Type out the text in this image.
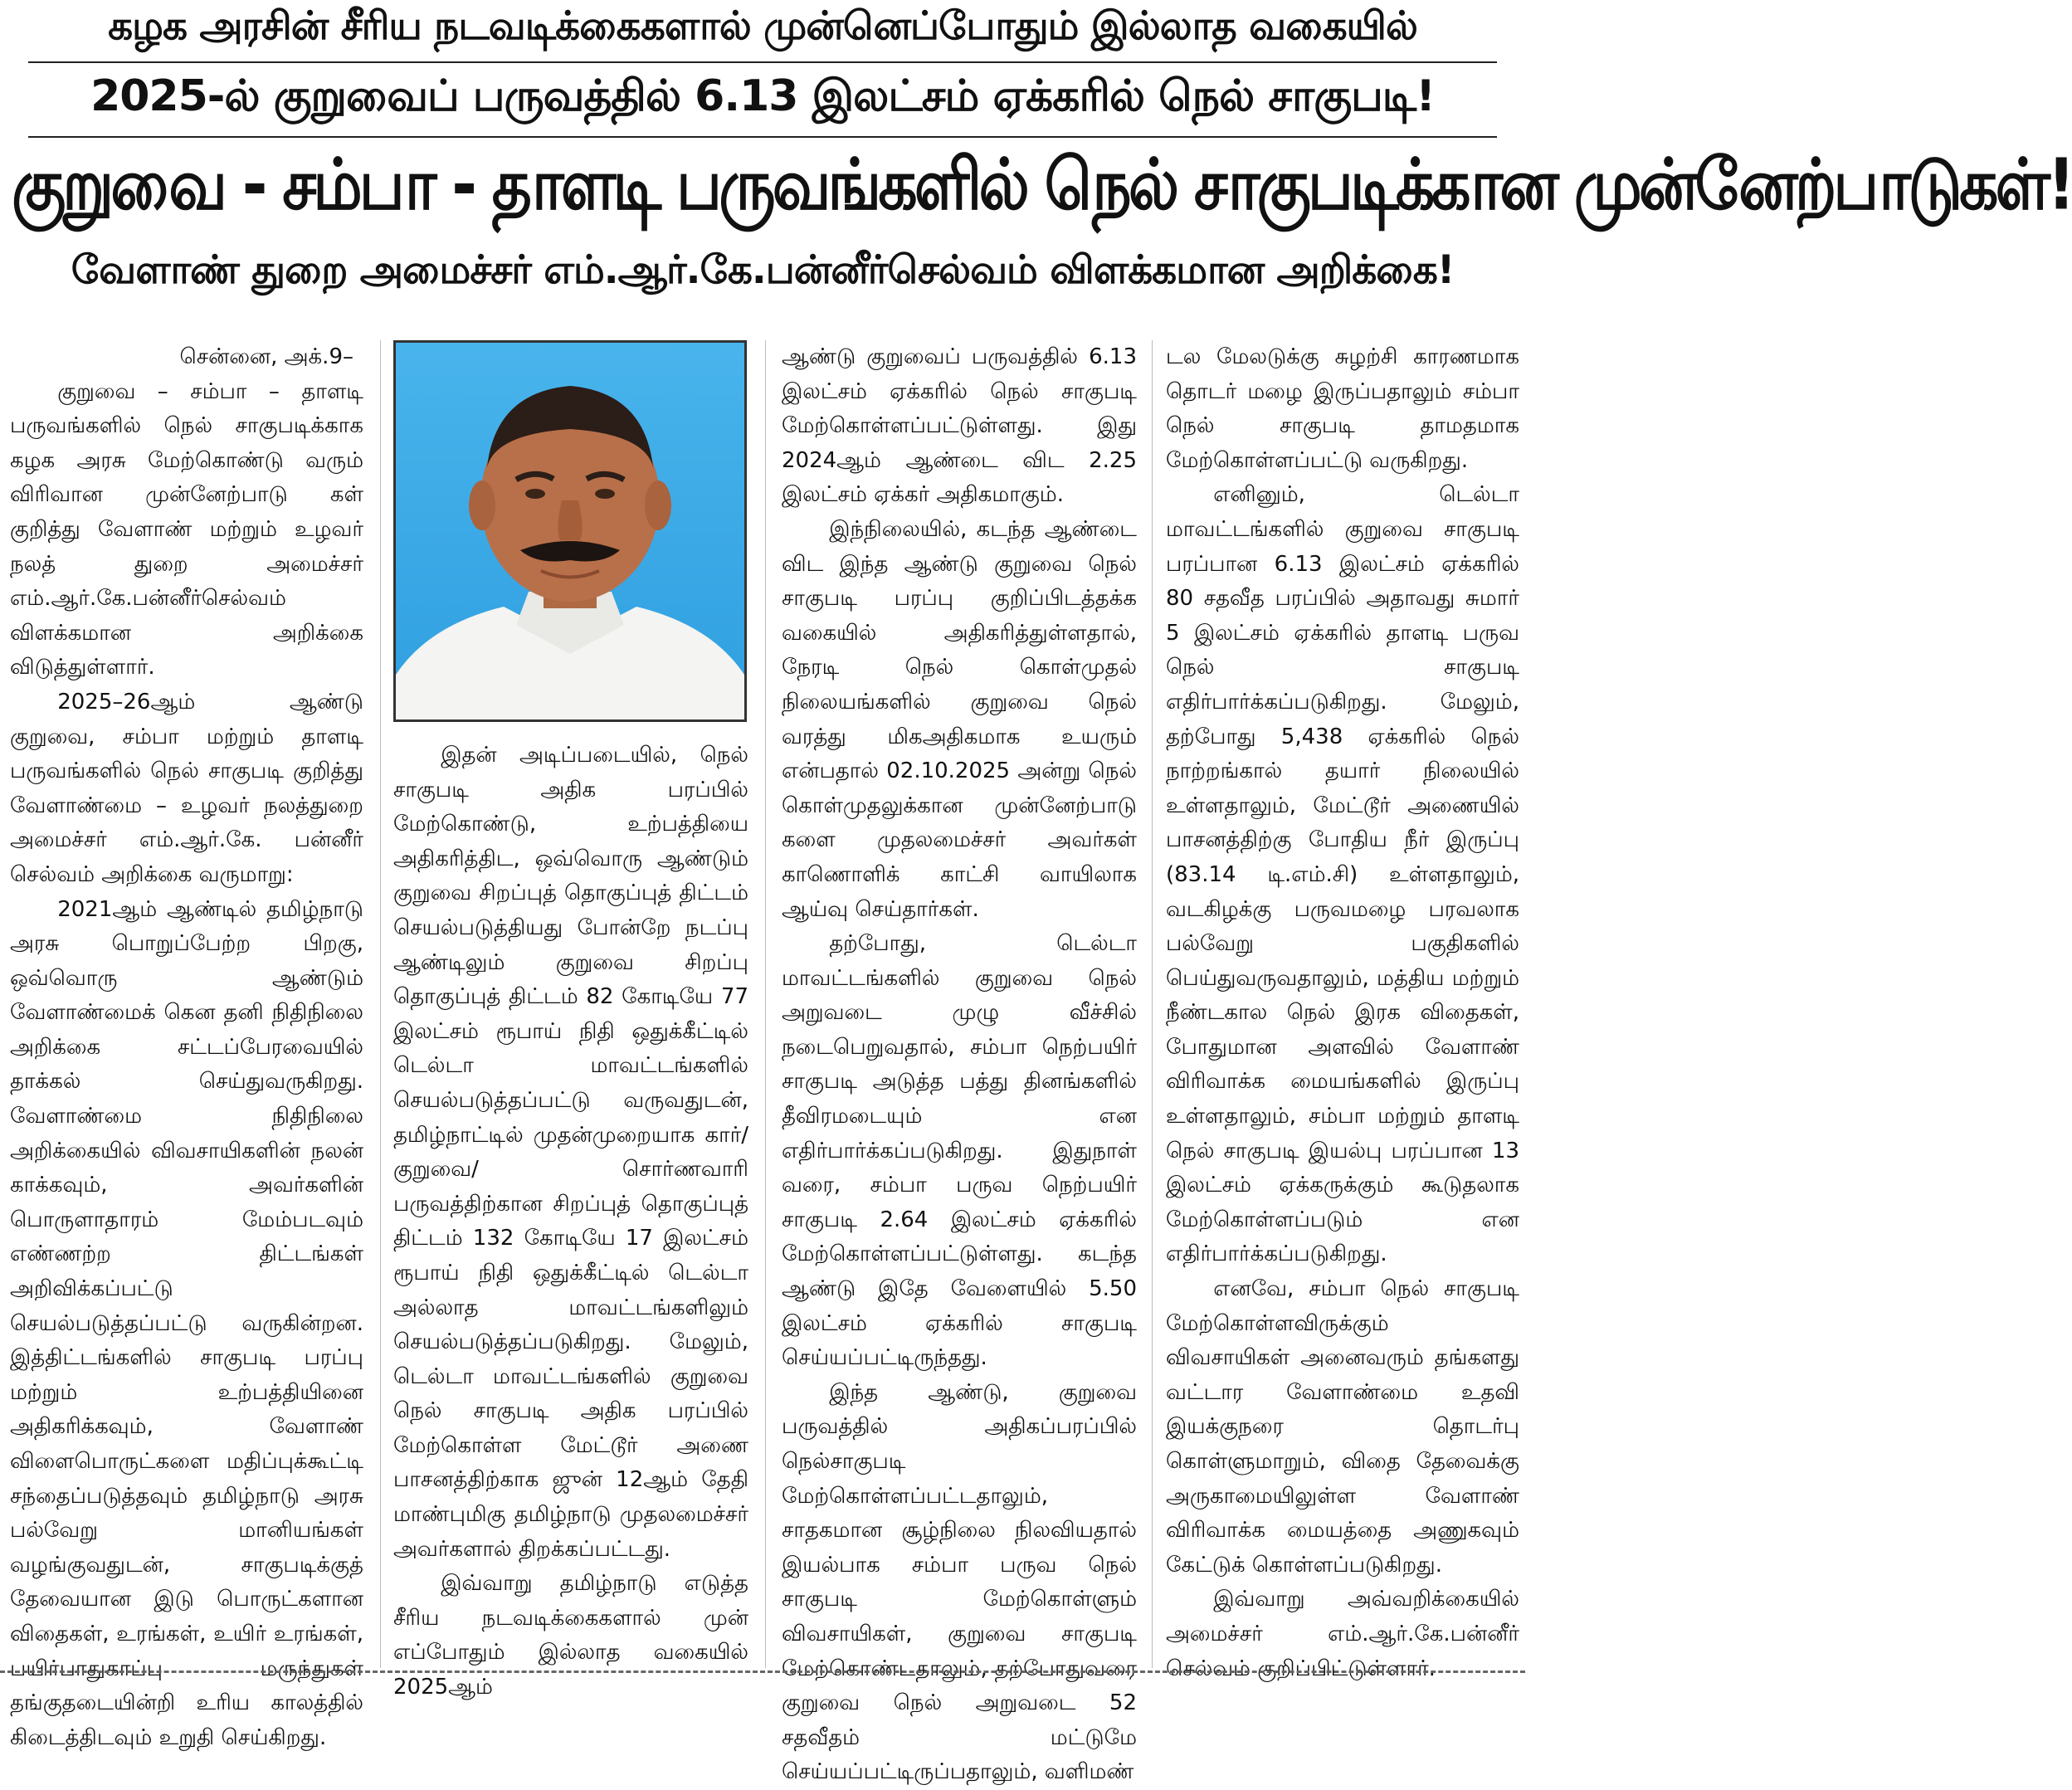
கழக அரசின் சீரிய நடவடிக்கைகளால் முன்னெப்போதும் இல்லாத வகையில்
2025-ல் குறுவைப் பருவத்தில் 6.13 இலட்சம் ஏக்கரில் நெல் சாகுபடி!
குறுவை - சம்பா - தாளடி பருவங்களில் நெல் சாகுபடிக்கான முன்னேற்பாடுகள்!
வேளாண் துறை அமைச்சர் எம்.ஆர்.கே.பன்னீர்செல்வம் விளக்கமான அறிக்கை!

சென்னை, அக்.9–

குறுவை – சம்பா – தாளடி பருவங்களில் நெல் சாகுபடிக்காக கழக அரசு மேற்கொண்டு வரும் விரிவான முன்னேற்பாடு கள் குறித்து வேளாண் மற்றும் உழவர் நலத் துறை அமைச்சர் எம்.ஆர்.கே.பன்னீர்செல்வம் விளக்கமான அறிக்கை விடுத்துள்ளார்.

2025–26ஆம் ஆண்டு குறுவை, சம்பா மற்றும் தாளடி பருவங்களில் நெல் சாகுபடி குறித்து வேளாண்மை – உழவர் நலத்துறை அமைச்சர் எம்.ஆர்.கே. பன்னீர் செல்வம் அறிக்கை வருமாறு:

2021ஆம் ஆண்டில் தமிழ்நாடு அரசு பொறுப்பேற்ற பிறகு, ஒவ்வொரு ஆண்டும் வேளாண்மைக் கென தனி நிதிநிலை அறிக்கை சட்டப்பேரவையில் தாக்கல் செய்துவருகிறது. வேளாண்மை நிதிநிலை அறிக்கையில் விவசாயிகளின் நலன் காக்கவும், அவர்களின் பொருளாதாரம் மேம்படவும் எண்ணற்ற திட்டங்கள் அறிவிக்கப்பட்டு செயல்படுத்தப்பட்டு வருகின்றன. இத்திட்டங்களில் சாகுபடி பரப்பு மற்றும் உற்பத்தியினை அதிகரிக்கவும், வேளாண் விளைபொருட்களை மதிப்புக்கூட்டி சந்தைப்படுத்தவும் தமிழ்நாடு அரசு பல்வேறு மானியங்கள் வழங்குவதுடன், சாகுபடிக்குத் தேவையான இடு பொருட்களான விதைகள், உரங்கள், உயிர் உரங்கள், பயிர்பாதுகாப்பு மருந்துகள் தங்குதடையின்றி உரிய காலத்தில் கிடைத்திடவும் உறுதி செய்கிறது.

இதன் அடிப்படையில், நெல் சாகுபடி அதிக பரப்பில் மேற்கொண்டு, உற்பத்தியை அதிகரித்திட, ஒவ்வொரு ஆண்டும் குறுவை சிறப்புத் தொகுப்புத் திட்டம் செயல்படுத்தியது போன்றே நடப்பு ஆண்டிலும் குறுவை சிறப்பு தொகுப்புத் திட்டம் 82 கோடியே 77 இலட்சம் ரூபாய் நிதி ஒதுக்கீட்டில் டெல்டா மாவட்டங்களில் செயல்படுத்தப்பட்டு வருவதுடன், தமிழ்நாட்டில் முதன்முறையாக கார்/ குறுவை/ சொர்ணவாரி பருவத்திற்கான சிறப்புத் தொகுப்புத் திட்டம் 132 கோடியே 17 இலட்சம் ரூபாய் நிதி ஒதுக்கீட்டில் டெல்டா அல்லாத மாவட்டங்களிலும் செயல்படுத்தப்படுகிறது. மேலும், டெல்டா மாவட்டங்களில் குறுவை நெல் சாகுபடி அதிக பரப்பில் மேற்கொள்ள மேட்டூர் அணை பாசனத்திற்காக ஜுன் 12ஆம் தேதி மாண்புமிகு தமிழ்நாடு முதலமைச்சர் அவர்களால் திறக்கப்பட்டது.

இவ்வாறு தமிழ்நாடு எடுத்த சீரிய நடவடிக்கைகளால் முன் எப்போதும் இல்லாத வகையில் 2025ஆம்

ஆண்டு குறுவைப் பருவத்தில் 6.13 இலட்சம் ஏக்கரில் நெல் சாகுபடி மேற்கொள்ளப்பட்டுள்ளது. இது 2024ஆம் ஆண்டை விட 2.25 இலட்சம் ஏக்கர் அதிகமாகும்.

இந்நிலையில், கடந்த ஆண்டை விட இந்த ஆண்டு குறுவை நெல் சாகுபடி பரப்பு குறிப்பிடத்தக்க வகையில் அதிகரித்துள்ளதால், நேரடி நெல் கொள்முதல் நிலையங்களில் குறுவை நெல் வரத்து மிகஅதிகமாக உயரும் என்பதால் 02.10.2025 அன்று நெல் கொள்முதலுக்கான முன்னேற்பாடு களை முதலமைச்சர் அவர்கள் காணொளிக் காட்சி வாயிலாக ஆய்வு செய்தார்கள்.

தற்போது, டெல்டா மாவட்டங்களில் குறுவை நெல் அறுவடை முழு வீச்சில் நடைபெறுவதால், சம்பா நெற்பயிர் சாகுபடி அடுத்த பத்து தினங்களில் தீவிரமடையும் என எதிர்பார்க்கப்படுகிறது. இதுநாள் வரை, சம்பா பருவ நெற்பயிர் சாகுபடி 2.64 இலட்சம் ஏக்கரில் மேற்கொள்ளப்பட்டுள்ளது. கடந்த ஆண்டு இதே வேளையில் 5.50 இலட்சம் ஏக்கரில் சாகுபடி செய்யப்பட்டிருந்தது.

இந்த ஆண்டு, குறுவை பருவத்தில் அதிகப்பரப்பில் நெல்சாகுபடி மேற்கொள்ளப்பட்டதாலும், சாதகமான சூழ்நிலை நிலவியதால் இயல்பாக சம்பா பருவ நெல் சாகுபடி மேற்கொள்ளும் விவசாயிகள், குறுவை சாகுபடி மேற்கொண்டதாலும், தற்போதுவரை குறுவை நெல் அறுவடை 52 சதவீதம் மட்டுமே செய்யப்பட்டிருப்பதாலும், வளிமண்

டல மேலடுக்கு சுழற்சி காரணமாக தொடர் மழை இருப்பதாலும் சம்பா நெல் சாகுபடி தாமதமாக மேற்கொள்ளப்பட்டு வருகிறது.

எனினும், டெல்டா மாவட்டங்களில் குறுவை சாகுபடி பரப்பான 6.13 இலட்சம் ஏக்கரில் 80 சதவீத பரப்பில் அதாவது சுமார் 5 இலட்சம் ஏக்கரில் தாளடி பருவ நெல் சாகுபடி எதிர்பார்க்கப்படுகிறது. மேலும், தற்போது 5,438 ஏக்கரில் நெல் நாற்றங்கால் தயார் நிலையில் உள்ளதாலும், மேட்டூர் அணையில் பாசனத்திற்கு போதிய நீர் இருப்பு (83.14 டி.எம்.சி) உள்ளதாலும், வடகிழக்கு பருவமழை பரவலாக பல்வேறு பகுதிகளில் பெய்துவருவதாலும், மத்திய மற்றும் நீண்டகால நெல் இரக விதைகள், போதுமான அளவில் வேளாண் விரிவாக்க மையங்களில் இருப்பு உள்ளதாலும், சம்பா மற்றும் தாளடி நெல் சாகுபடி இயல்பு பரப்பான 13 இலட்சம் ஏக்கருக்கும் கூடுதலாக மேற்கொள்ளப்படும் என எதிர்பார்க்கப்படுகிறது.

எனவே, சம்பா நெல் சாகுபடி மேற்கொள்ளவிருக்கும் விவசாயிகள் அனைவரும் தங்களது வட்டார வேளாண்மை உதவி இயக்குநரை தொடர்பு கொள்ளுமாறும், விதை தேவைக்கு அருகாமையிலுள்ள வேளாண் விரிவாக்க மையத்தை அணுகவும் கேட்டுக் கொள்ளப்படுகிறது.

இவ்வாறு அவ்வறிக்கையில் அமைச்சர் எம்.ஆர்.கே.பன்னீர் செல்வம் குறிப்பிட்டுள்ளார்.
